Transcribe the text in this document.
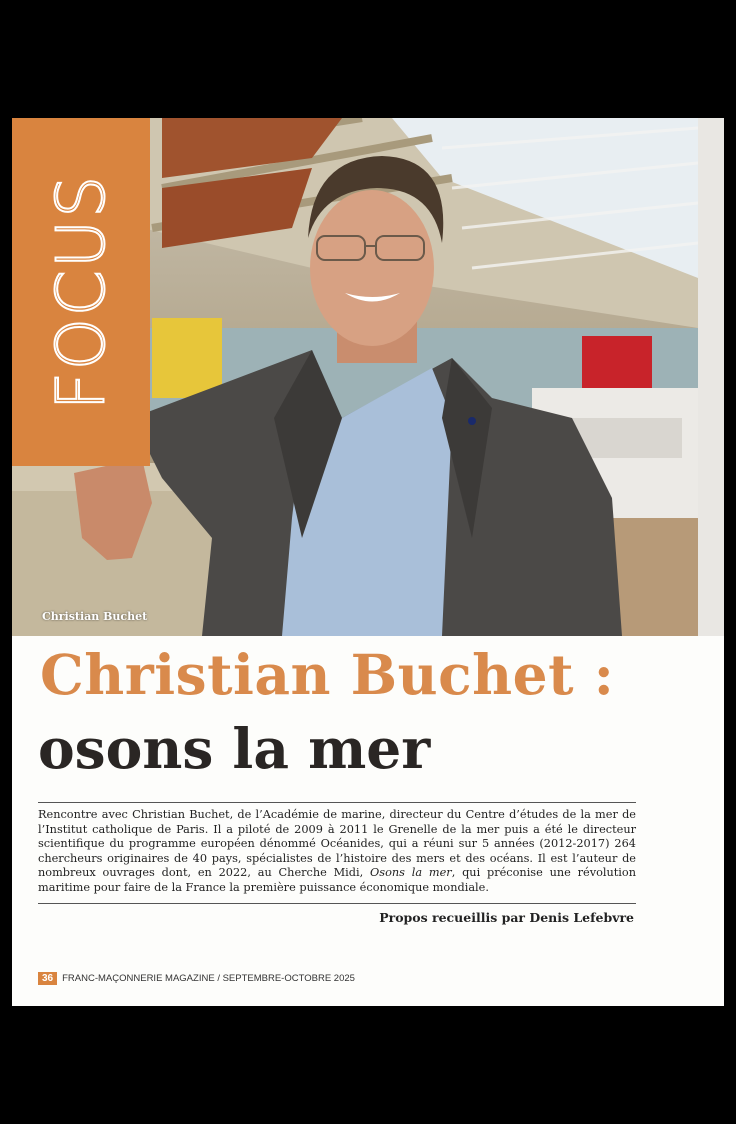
FOCUS
Christian Buchet
Christian Buchet :
osons la mer
Rencontre avec Christian Buchet, de l’Académie de marine, directeur du Centre d’études de la mer de l’Institut catholique de Paris. Il a piloté de 2009 à 2011 le Grenelle de la mer puis a été le directeur scientifique du programme européen dénommé Océanides, qui a réuni sur 5 années (2012-2017) 264 chercheurs originaires de 40 pays, spécialistes de l’histoire des mers et des océans. Il est l’auteur de nombreux ouvrages dont, en 2022, au Cherche Midi, Osons la mer, qui préconise une révolution maritime pour faire de la France la première puissance économique mondiale.
Propos recueillis par Denis Lefebvre
36 FRANC-MAÇONNERIE MAGAZINE
/ SEPTEMBRE-OCTOBRE 2025
